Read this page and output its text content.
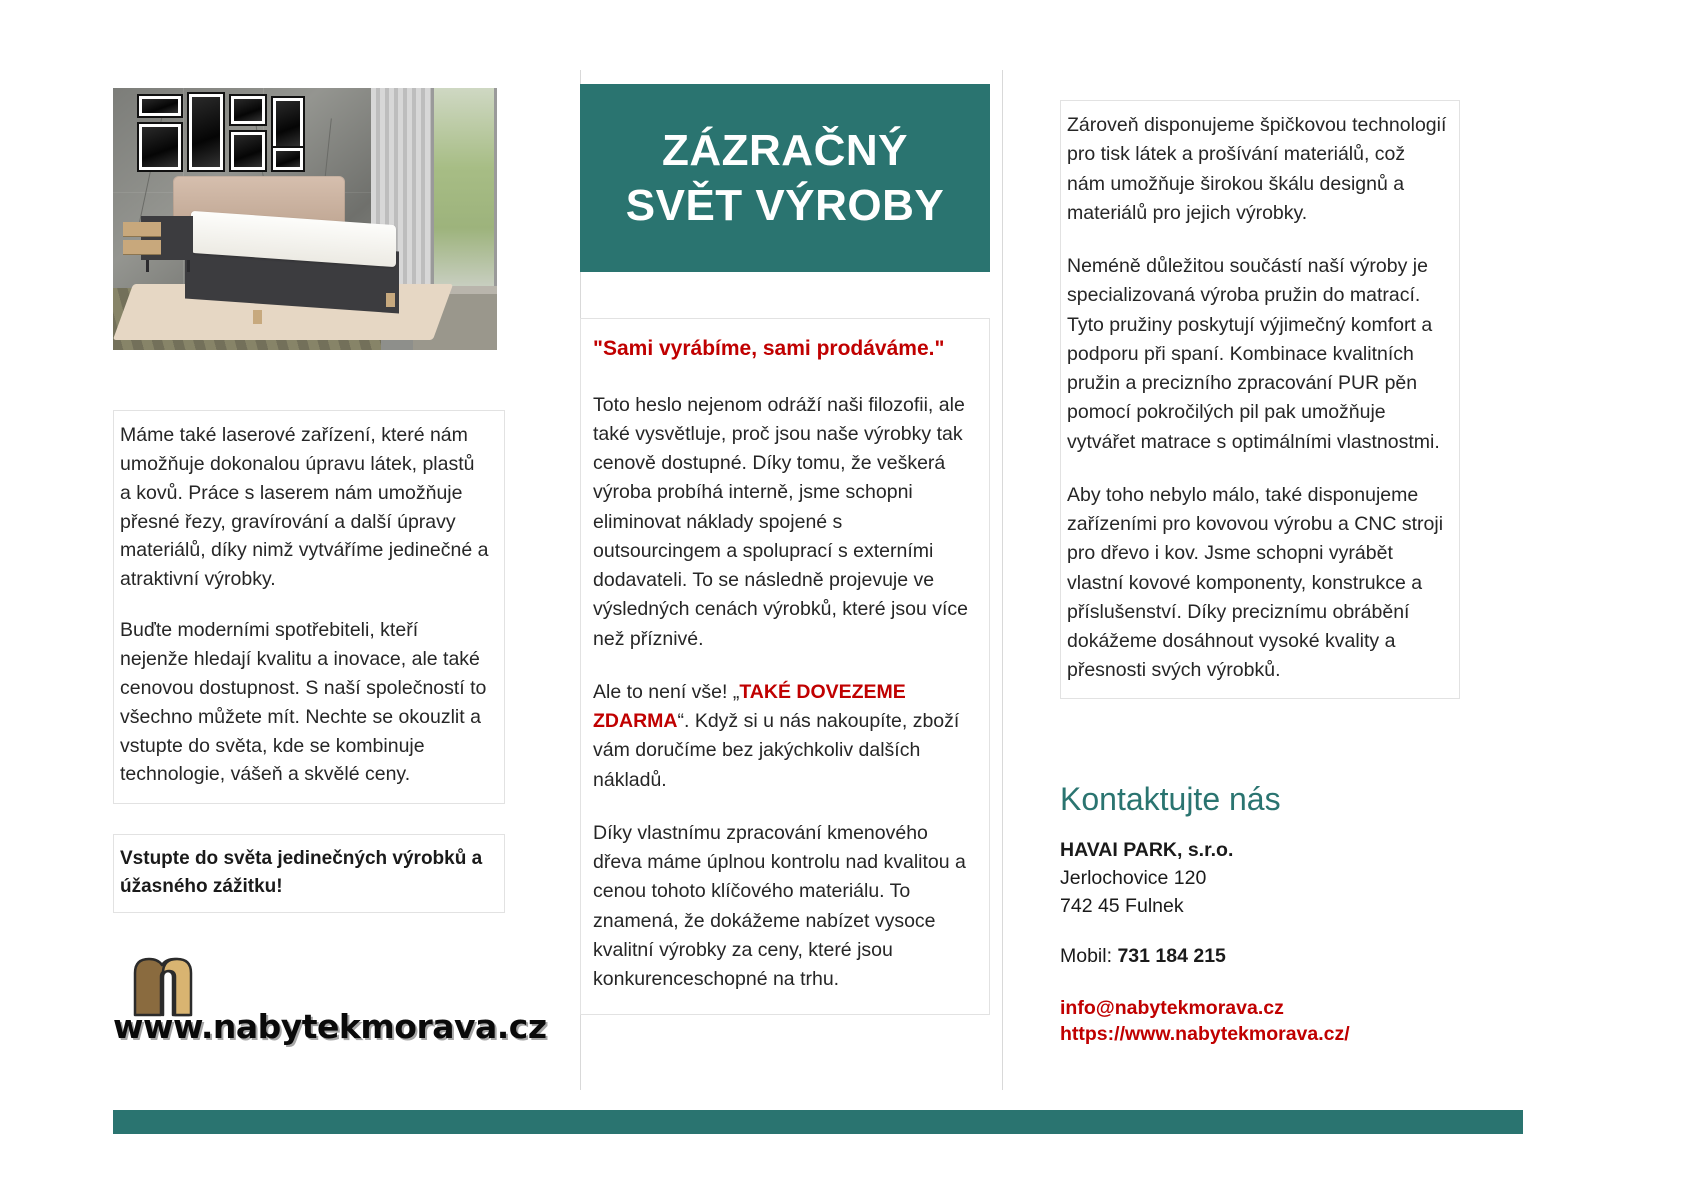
Máme také laserové zařízení, které nám umožňuje dokonalou úpravu látek, plastů a kovů. Práce s laserem nám umožňuje přesné řezy, gravírování a další úpravy materiálů, díky nimž vytváříme jedinečné a atraktivní výrobky.

Buďte moderními spotřebiteli, kteří nejenže hledají kvalitu a inovace, ale také cenovou dostupnost. S naší společností to všechno můžete mít. Nechte se okouzlit a vstupte do světa, kde se kombinuje technologie, vášeň a skvělé ceny.

Vstupte do světa jedinečných výrobků a úžasného zážitku!
www.nabytekmorava.cz
ZÁZRAČNÝ
SVĚT VÝROBY
"Sami vyrábíme, sami prodáváme."

Toto heslo nejenom odráží naši filozofii, ale také vysvětluje, proč jsou naše výrobky tak cenově dostupné. Díky tomu, že veškerá výroba probíhá interně, jsme schopni eliminovat náklady spojené s outsourcingem a spoluprací s externími dodavateli. To se následně projevuje ve výsledných cenách výrobků, které jsou více než příznivé.

Ale to není vše! „TAKÉ DOVEZEME ZDARMA“. Když si u nás nakoupíte, zboží vám doručíme bez jakýchkoliv dalších nákladů.

Díky vlastnímu zpracování kmenového dřeva máme úplnou kontrolu nad kvalitou a cenou tohoto klíčového materiálu. To znamená, že dokážeme nabízet vysoce kvalitní výrobky za ceny, které jsou konkurenceschopné na trhu.

Zároveň disponujeme špičkovou technologií pro tisk látek a prošívání materiálů, což nám umožňuje širokou škálu designů a materiálů pro jejich výrobky.

Neméně důležitou součástí naší výroby je specializovaná výroba pružin do matrací. Tyto pružiny poskytují výjimečný komfort a podporu při spaní. Kombinace kvalitních pružin a precizního zpracování PUR pěn pomocí pokročilých pil pak umožňuje vytvářet matrace s optimálními vlastnostmi.

Aby toho nebylo málo, také disponujeme zařízeními pro kovovou výrobu a CNC stroji pro dřevo i kov. Jsme schopni vyrábět vlastní kovové komponenty, konstrukce a příslušenství. Díky preciznímu obrábění dokážeme dosáhnout vysoké kvality a přesnosti svých výrobků.

Kontaktujte nás
HAVAI PARK, s.r.o.
Jerlochovice 120
742 45 Fulnek
Mobil: 731 184 215
info@nabytekmorava.cz
https://www.nabytekmorava.cz/
